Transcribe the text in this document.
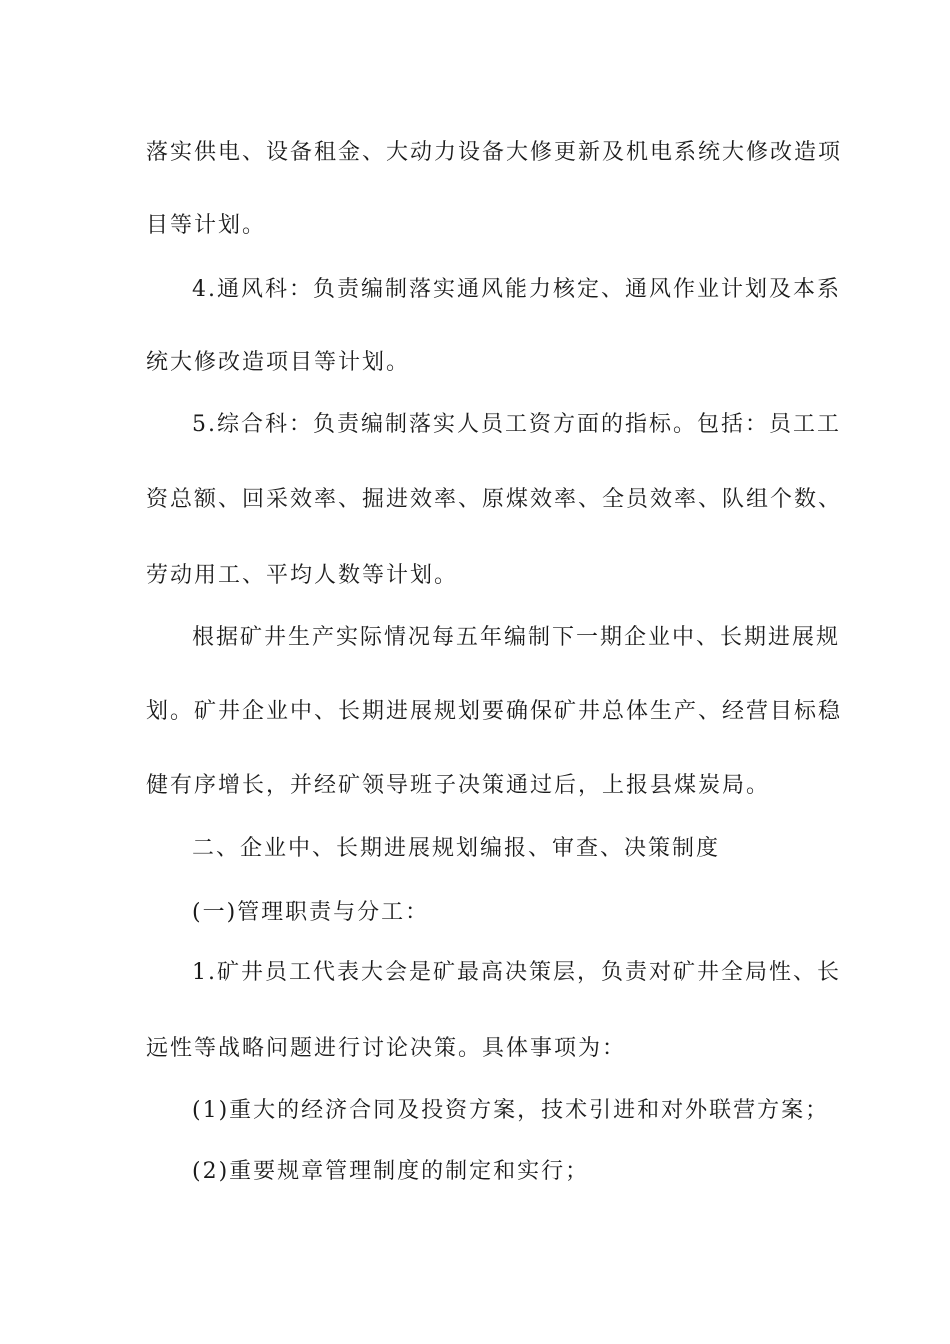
落实供电、设备租金、大动力设备大修更新及机电系统大修改造项
目等计划。
4.通风科：负责编制落实通风能力核定、通风作业计划及本系
统大修改造项目等计划。
5.综合科：负责编制落实人员工资方面的指标。包括：员工工
资总额、回采效率、掘进效率、原煤效率、全员效率、队组个数、
劳动用工、平均人数等计划。
根据矿井生产实际情况每五年编制下一期企业中、长期进展规
划。矿井企业中、长期进展规划要确保矿井总体生产、经营目标稳
健有序增长，并经矿领导班子决策通过后，上报县煤炭局。
二、企业中、长期进展规划编报、审查、决策制度
(一)管理职责与分工：
1.矿井员工代表大会是矿最高决策层，负责对矿井全局性、长
远性等战略问题进行讨论决策。具体事项为：
(1)重大的经济合同及投资方案，技术引进和对外联营方案；
(2)重要规章管理制度的制定和实行；
